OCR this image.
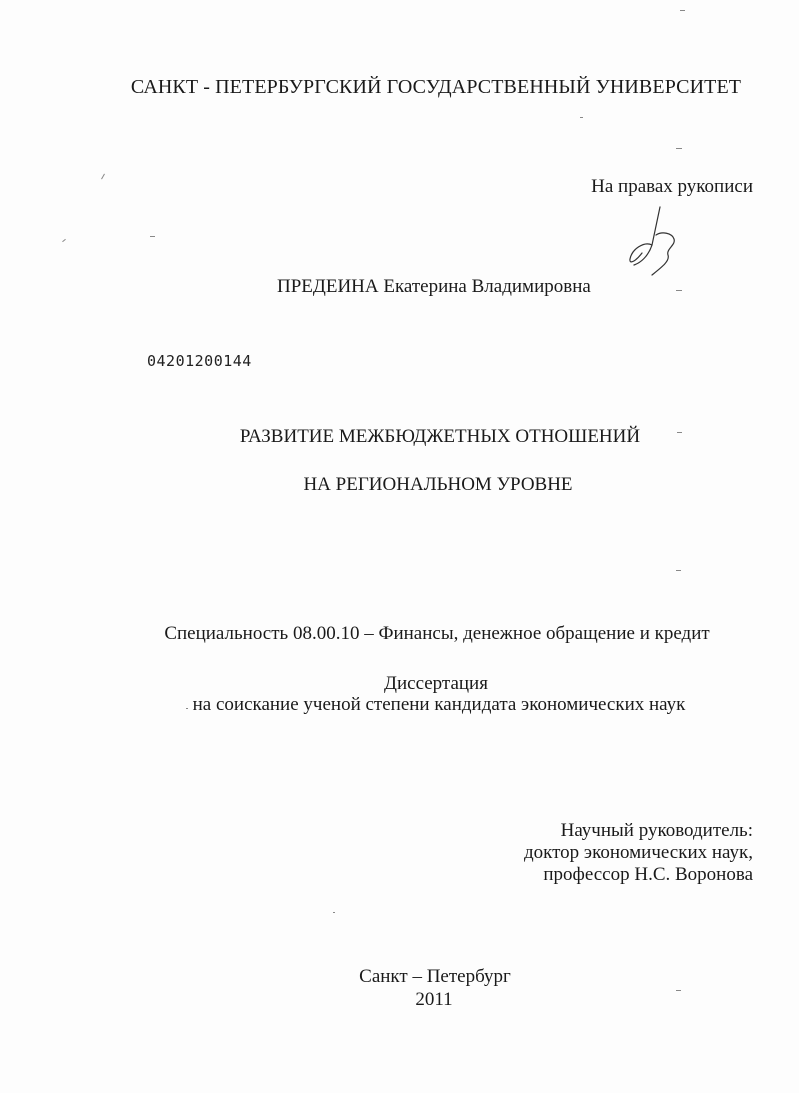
САНКТ - ПЕТЕРБУРГСКИЙ ГОСУДАРСТВЕННЫЙ УНИВЕРСИТЕТ
На правах рукописи
ПРЕДЕИНА Екатерина Владимировна
04201200144
РАЗВИТИЕ МЕЖБЮДЖЕТНЫХ ОТНОШЕНИЙ
НА РЕГИОНАЛЬНОМ УРОВНЕ
Специальность 08.00.10 – Финансы, денежное обращение и кредит
Диссертация
на соискание ученой степени кандидата экономических наук
Научный руководитель:
доктор экономических наук,
профессор Н.С. Воронова
Санкт – Петербург
2011
